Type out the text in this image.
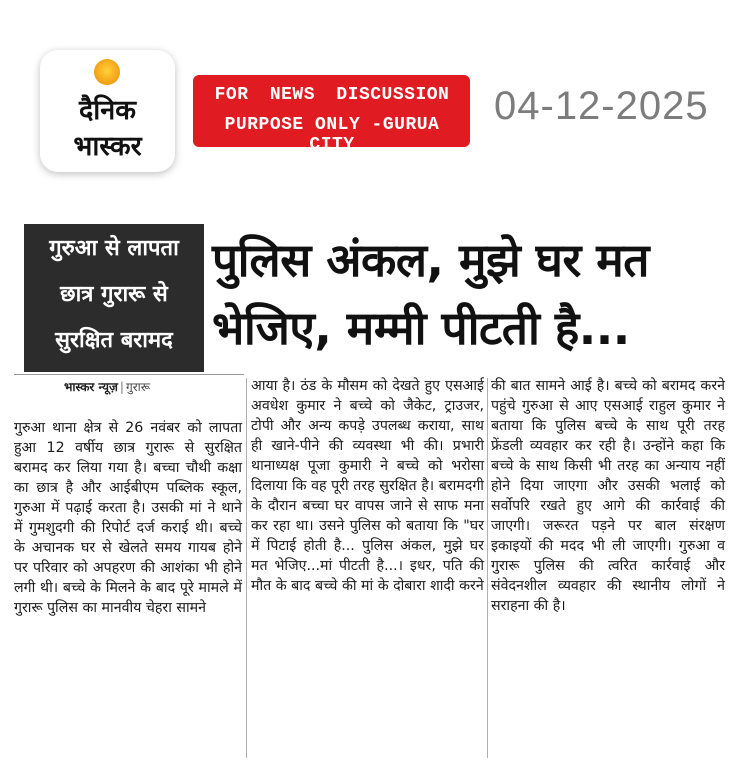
दैनिक
भास्कर
FOR NEWS DISCUSSION
PURPOSE ONLY -GURUA CITY
04-12-2025
गुरुआ से लापता
छात्र गुरारू से
सुरक्षित बरामद
पुलिस अंकल, मुझे घर मत
भेजिए, मम्मी पीटती है...
भास्कर न्यूज़ | गुरारू
गुरुआ थाना क्षेत्र से 26 नवंबर को लापता हुआ 12 वर्षीय छात्र गुरारू से सुरक्षित बरामद कर लिया गया है। बच्चा चौथी कक्षा का छात्र है और आईबीएम पब्लिक स्कूल, गुरुआ में पढ़ाई करता है। उसकी मां ने थाने में गुमशुदगी की रिपोर्ट दर्ज कराई थी। बच्चे के अचानक घर से खेलते समय गायब होने पर परिवार को अपहरण की आशंका भी होने लगी थी। बच्चे के मिलने के बाद पूरे मामले में गुरारू पुलिस का मानवीय चेहरा सामने
आया है। ठंड के मौसम को देखते हुए एसआई अवधेश कुमार ने बच्चे को जैकेट, ट्राउजर, टोपी और अन्य कपड़े उपलब्ध कराया, साथ ही खाने-पीने की व्यवस्था भी की। प्रभारी थानाध्यक्ष पूजा कुमारी ने बच्चे को भरोसा दिलाया कि वह पूरी तरह सुरक्षित है। बरामदगी के दौरान बच्चा घर वापस जाने से साफ मना कर रहा था। उसने पुलिस को बताया कि "घर में पिटाई होती है... पुलिस अंकल, मुझे घर मत भेजिए...मां पीटती है...। इधर, पति की मौत के बाद बच्चे की मां के दोबारा शादी करने
की बात सामने आई है। बच्चे को बरामद करने पहुंचे गुरुआ से आए एसआई राहुल कुमार ने बताया कि पुलिस बच्चे के साथ पूरी तरह फ्रेंडली व्यवहार कर रही है। उन्होंने कहा कि बच्चे के साथ किसी भी तरह का अन्याय नहीं होने दिया जाएगा और उसकी भलाई को सर्वोपरि रखते हुए आगे की कार्रवाई की जाएगी। जरूरत पड़ने पर बाल संरक्षण इकाइयों की मदद भी ली जाएगी। गुरुआ व गुरारू पुलिस की त्वरित कार्रवाई और संवेदनशील व्यवहार की स्थानीय लोगों ने सराहना की है।
